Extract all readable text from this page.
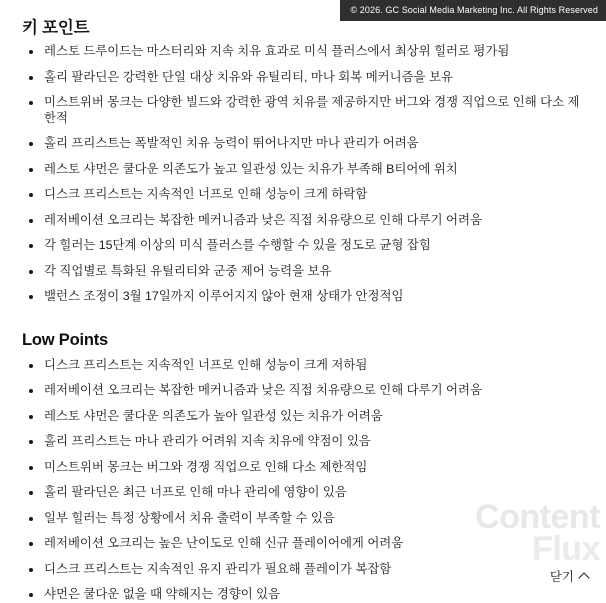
© 2026. GC Social Media Marketing Inc. All Rights Reserved
키 포인트
레스토 드루이드는 마스터리와 지속 치유 효과로 미식 플러스에서 최상위 힐러로 평가됨
홀리 팔라딘은 강력한 단일 대상 치유와 유틸리티, 마나 회복 메커니즘을 보유
미스트위버 몽크는 다양한 빌드와 강력한 광역 치유를 제공하지만 버그와 경쟁 직업으로 인해 다소 제한적
홀리 프리스트는 폭발적인 치유 능력이 뛰어나지만 마나 관리가 어려움
레스토 샤먼은 쿨다운 의존도가 높고 일관성 있는 치유가 부족해 B티어에 위치
디스크 프리스트는 지속적인 너프로 인해 성능이 크게 하락함
레저베이션 오크리는 복잡한 메커니즘과 낮은 직접 치유량으로 인해 다루기 어려움
각 힐러는 15단계 이상의 미식 플러스를 수행할 수 있을 정도로 균형 잡힘
각 직업별로 특화된 유틸리티와 군중 제어 능력을 보유
밸런스 조정이 3월 17일까지 이루어지지 않아 현재 상태가 안정적임
Low Points
디스크 프리스트는 지속적인 너프로 인해 성능이 크게 저하됨
레저베이션 오크리는 복잡한 메커니즘과 낮은 직접 치유량으로 인해 다루기 어려움
레스토 샤먼은 쿨다운 의존도가 높아 일관성 있는 치유가 어려움
홀리 프리스트는 마나 관리가 어려워 지속 치유에 약점이 있음
미스트위버 몽크는 버그와 경쟁 직업으로 인해 다소 제한적임
홀리 팔라딘은 최근 너프로 인해 마나 관리에 영향이 있음
일부 힐러는 특정 상황에서 치유 출력이 부족할 수 있음
레저베이션 오크리는 높은 난이도로 인해 신규 플레이어에게 어려움
디스크 프리스트는 지속적인 유지 관리가 필요해 플레이가 복잡함
샤먼은 쿨다운 없을 때 약해지는 경향이 있음
Content
Flux
닫기
